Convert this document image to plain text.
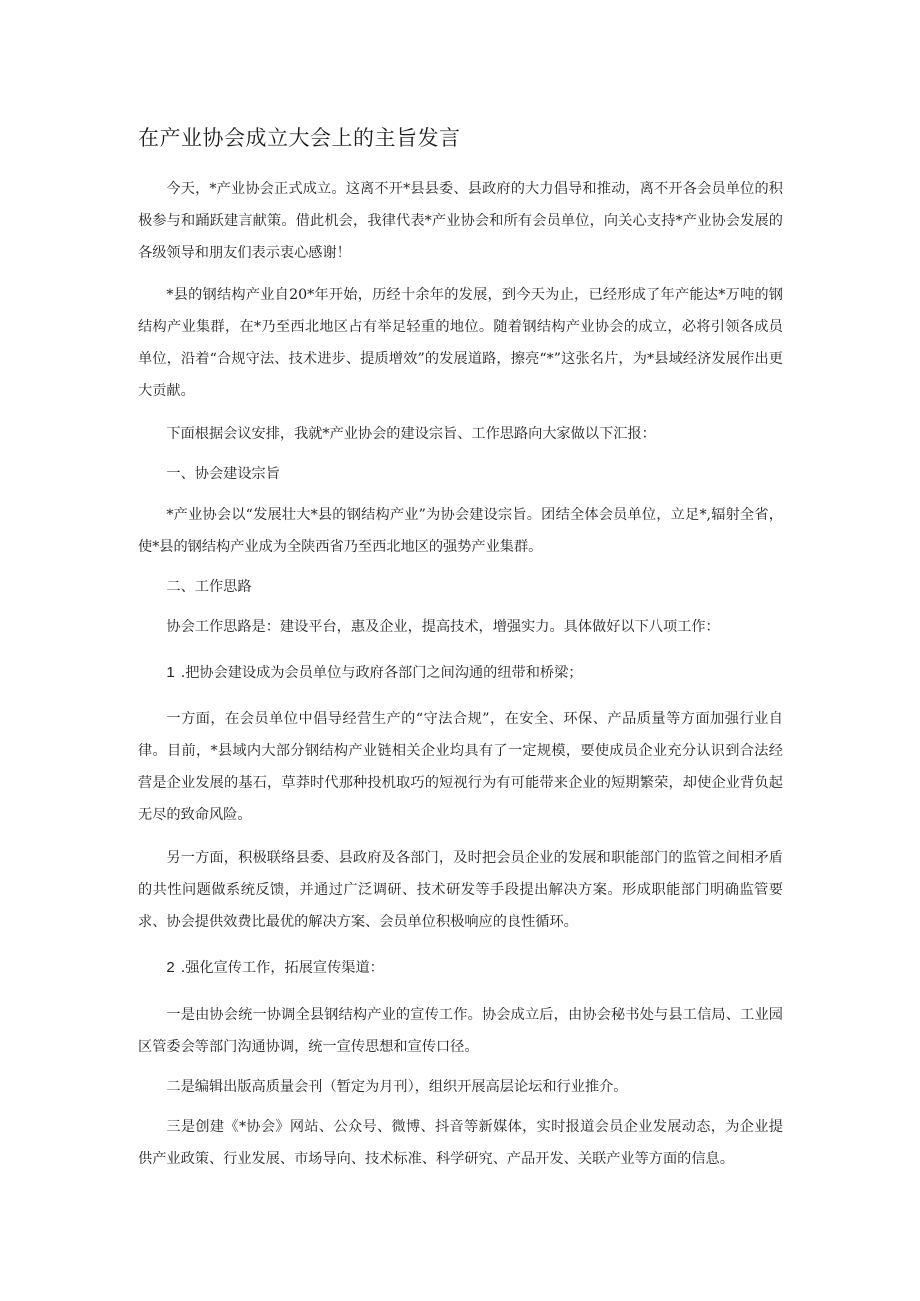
在产业协会成立大会上的主旨发言

今天，*产业协会正式成立。这离不开*县县委、县政府的大力倡导和推动，离不开各会员单位的积极参与和踊跃建言献策。借此机会，我律代表*产业协会和所有会员单位，向关心支持*产业协会发展的各级领导和朋友们表示衷心感谢！

*县的钢结构产业自20*年开始，历经十余年的发展，到今天为止，已经形成了年产能达*万吨的钢结构产业集群，在*乃至西北地区占有举足轻重的地位。随着钢结构产业协会的成立，必将引领各成员单位，沿着“合规守法、技术进步、提质增效”的发展道路，擦亮“*”这张名片，为*县域经济发展作出更大贡献。

下面根据会议安排，我就*产业协会的建设宗旨、工作思路向大家做以下汇报：

一、协会建设宗旨

*产业协会以“发展壮大*县的钢结构产业”为协会建设宗旨。团结全体会员单位，立足*,辐射全省，使*县的钢结构产业成为全陕西省乃至西北地区的强势产业集群。

二、工作思路

协会工作思路是：建设平台，惠及企业，提高技术，增强实力。具体做好以下八项工作：

1 .把协会建设成为会员单位与政府各部门之间沟通的纽带和桥梁；

一方面，在会员单位中倡导经营生产的“守法合规”，在安全、环保、产品质量等方面加强行业自律。目前，*县域内大部分钢结构产业链相关企业均具有了一定规模，要使成员企业充分认识到合法经营是企业发展的基石，草莽时代那种投机取巧的短视行为有可能带来企业的短期繁荣，却使企业背负起无尽的致命风险。

另一方面，积极联络县委、县政府及各部门，及时把会员企业的发展和职能部门的监管之间相矛盾的共性问题做系统反馈，并通过广泛调研、技术研发等手段提出解决方案。形成职能部门明确监管要求、协会提供效费比最优的解决方案、会员单位积极响应的良性循环。

2 .强化宣传工作，拓展宣传渠道：

一是由协会统一协调全县钢结构产业的宣传工作。协会成立后，由协会秘书处与县工信局、工业园区管委会等部门沟通协调，统一宣传思想和宣传口径。

二是编辑出版高质量会刊（暂定为月刊），组织开展高层论坛和行业推介。

三是创建《*协会》网站、公众号、微博、抖音等新媒体，实时报道会员企业发展动态，为企业提供产业政策、行业发展、市场导向、技术标准、科学研究、产品开发、关联产业等方面的信息。
